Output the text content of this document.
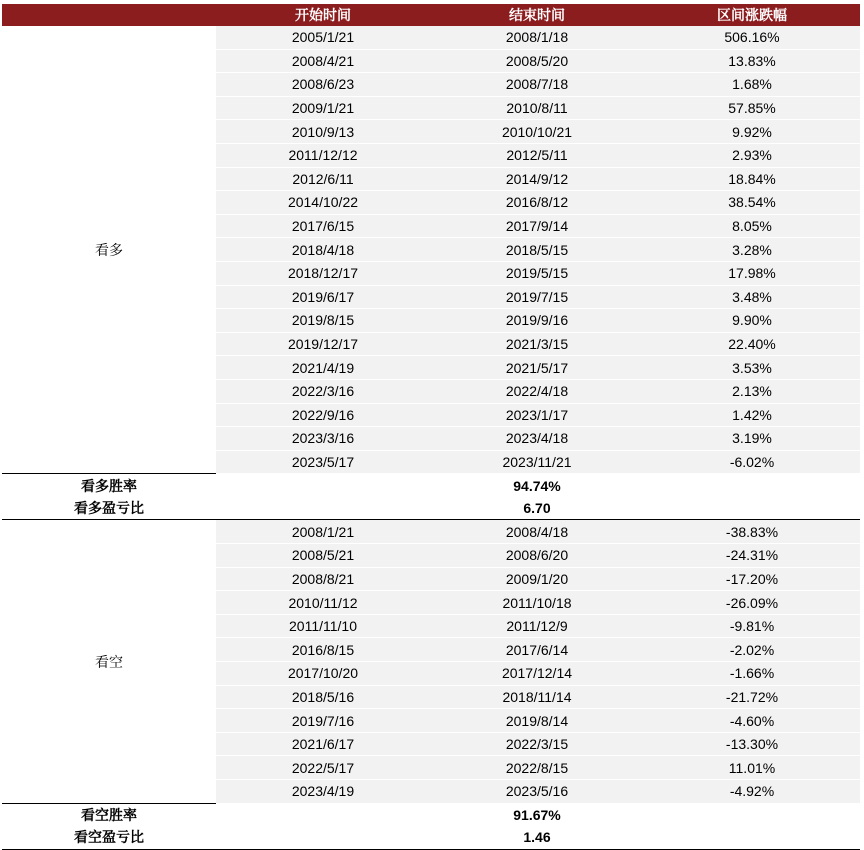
	开始时间	结束时间	区间涨跌幅
看多	2005/1/21	2008/1/18	506.16%
	2008/4/21	2008/5/20	13.83%
	2008/6/23	2008/7/18	1.68%
	2009/1/21	2010/8/11	57.85%
	2010/9/13	2010/10/21	9.92%
	2011/12/12	2012/5/11	2.93%
	2012/6/11	2014/9/12	18.84%
	2014/10/22	2016/8/12	38.54%
	2017/6/15	2017/9/14	8.05%
	2018/4/18	2018/5/15	3.28%
	2018/12/17	2019/5/15	17.98%
	2019/6/17	2019/7/15	3.48%
	2019/8/15	2019/9/16	9.90%
	2019/12/17	2021/3/15	22.40%
	2021/4/19	2021/5/17	3.53%
	2022/3/16	2022/4/18	2.13%
	2022/9/16	2023/1/17	1.42%
	2023/3/16	2023/4/18	3.19%
	2023/5/17	2023/11/21	-6.02%
看多胜率		94.74%	
看多盈亏比		6.70	
看空	2008/1/21	2008/4/18	-38.83%
	2008/5/21	2008/6/20	-24.31%
	2008/8/21	2009/1/20	-17.20%
	2010/11/12	2011/10/18	-26.09%
	2011/11/10	2011/12/9	-9.81%
	2016/8/15	2017/6/14	-2.02%
	2017/10/20	2017/12/14	-1.66%
	2018/5/16	2018/11/14	-21.72%
	2019/7/16	2019/8/14	-4.60%
	2021/6/17	2022/3/15	-13.30%
	2022/5/17	2022/8/15	11.01%
	2023/4/19	2023/5/16	-4.92%
看空胜率		91.67%	
看空盈亏比		1.46	
